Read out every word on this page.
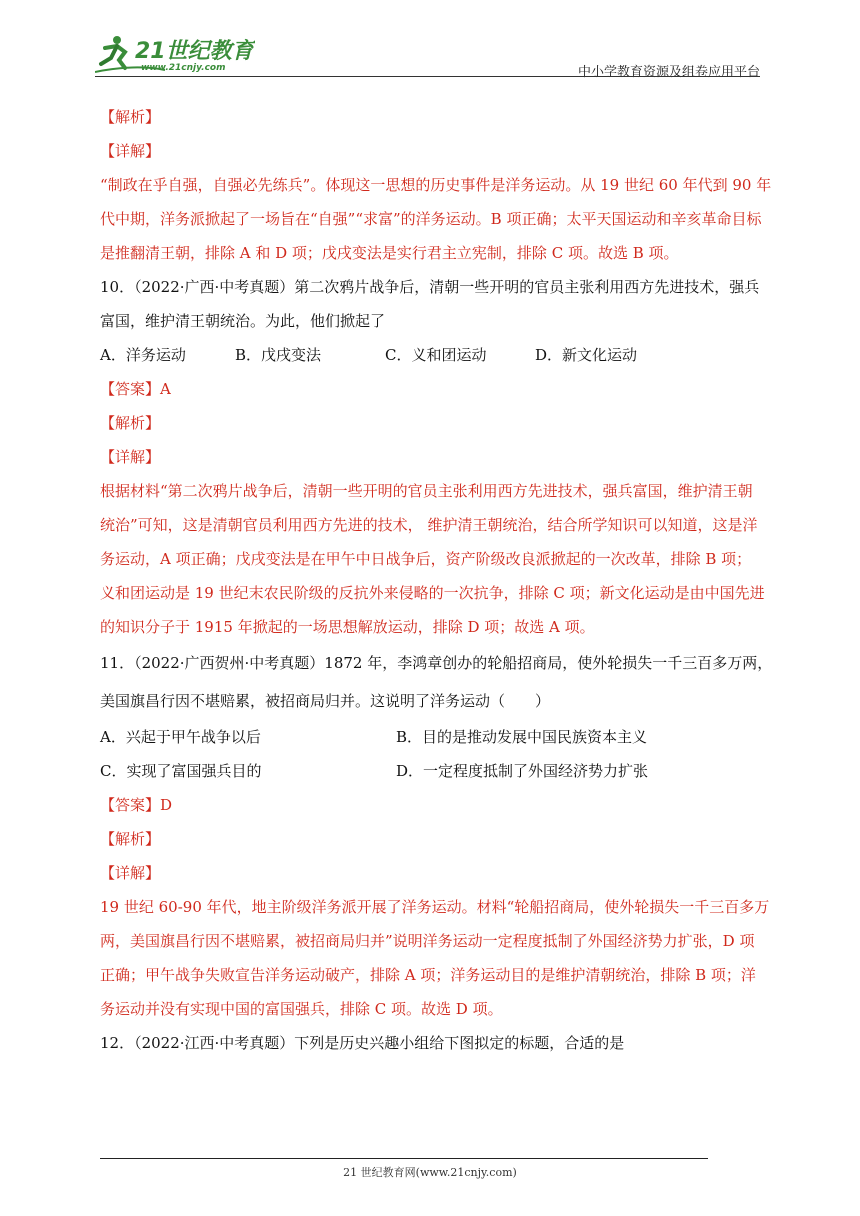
21世纪教育
www.21cnjy.com	中小学教育资源及组卷应用平台
【解析】
【详解】
“制政在乎自强，自强必先练兵”。体现这一思想的历史事件是洋务运动。从 19 世纪 60 年代到 90 年
代中期，洋务派掀起了一场旨在“自强”“求富”的洋务运动。B 项正确；太平天国运动和辛亥革命目标
是推翻清王朝，排除 A 和 D 项；戊戌变法是实行君主立宪制，排除 C 项。故选 B 项。
10．（2022·广西·中考真题）第二次鸦片战争后，清朝一些开明的官员主张利用西方先进技术，强兵
富国，维护清王朝统治。为此，他们掀起了
A．洋务运动	B．戊戌变法	C．义和团运动	D．新文化运动
【答案】A
【解析】
【详解】
根据材料“第二次鸦片战争后，清朝一些开明的官员主张利用西方先进技术，强兵富国，维护清王朝
统治”可知，这是清朝官员利用西方先进的技术， 维护清王朝统治，结合所学知识可以知道，这是洋
务运动，A 项正确；戊戌变法是在甲午中日战争后，资产阶级改良派掀起的一次改革，排除 B 项；
义和团运动是 19 世纪末农民阶级的反抗外来侵略的一次抗争，排除 C 项；新文化运动是由中国先进
的知识分子于 1915 年掀起的一场思想解放运动，排除 D 项；故选 A 项。
11．（2022·广西贺州·中考真题）1872 年，李鸿章创办的轮船招商局，使外轮损失一千三百多万两，
美国旗昌行因不堪赔累，被招商局归并。这说明了洋务运动（　　）
A．兴起于甲午战争以后	B．目的是推动发展中国民族资本主义
C．实现了富国强兵目的	D．一定程度抵制了外国经济势力扩张
【答案】D
【解析】
【详解】
19 世纪 60-90 年代，地主阶级洋务派开展了洋务运动。材料“轮船招商局，使外轮损失一千三百多万
两，美国旗昌行因不堪赔累，被招商局归并”说明洋务运动一定程度抵制了外国经济势力扩张，D 项
正确；甲午战争失败宣告洋务运动破产，排除 A 项；洋务运动目的是维护清朝统治，排除 B 项；洋
务运动并没有实现中国的富国强兵，排除 C 项。故选 D 项。
12．（2022·江西·中考真题）下列是历史兴趣小组给下图拟定的标题，合适的是
21 世纪教育网(www.21cnjy.com)
